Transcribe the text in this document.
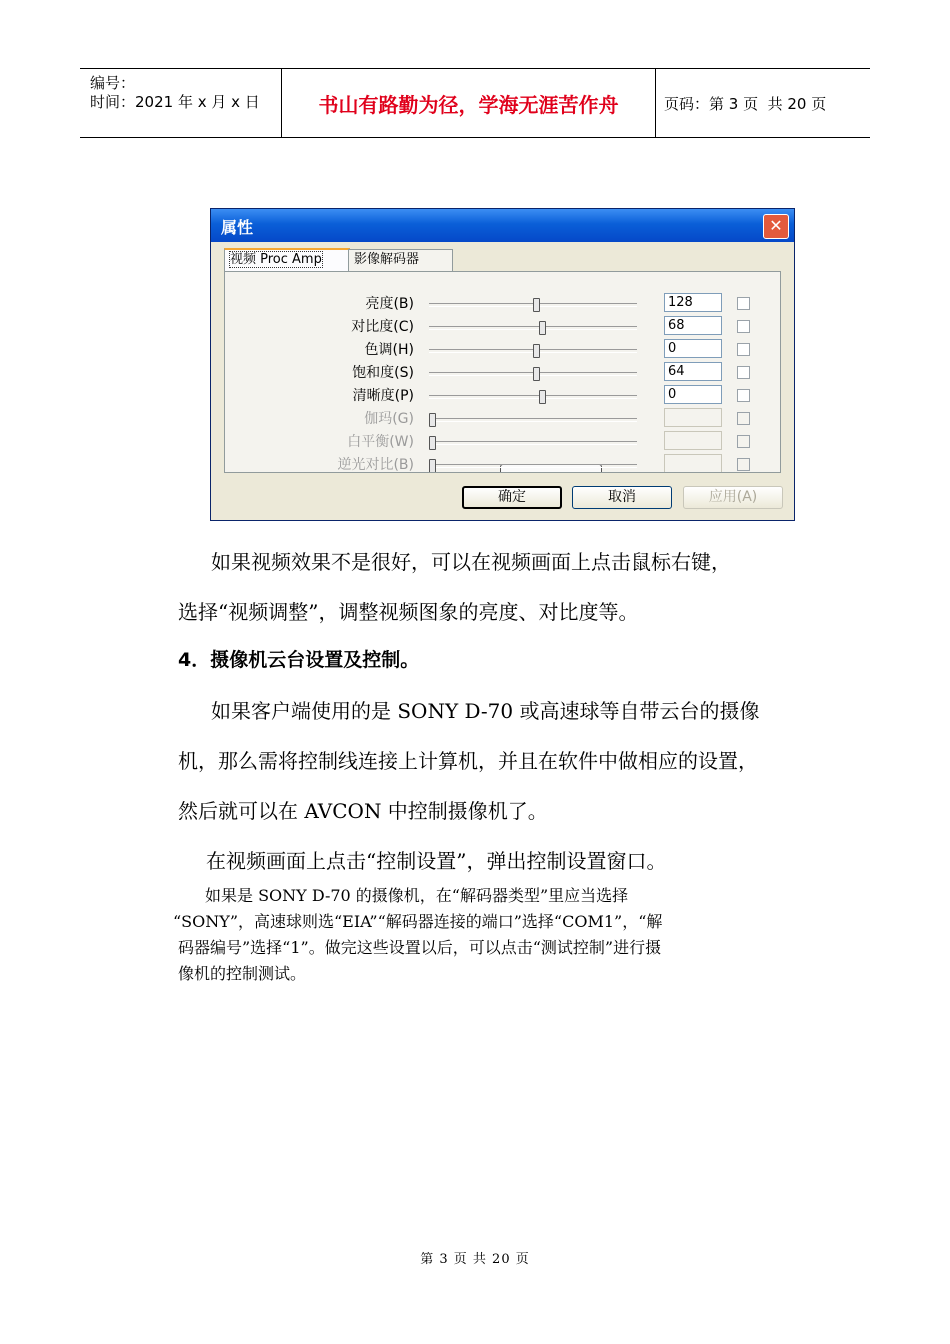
编号：
时间：2021 年 x 月 x 日	书山有路勤为径，学海无涯苦作舟	页码：第 3 页  共 20 页
属性	✕
视频 Proc Amp	影像解码器
亮度(B)	128
对比度(C)	68
色调(H)	0
饱和度(S)	64
清晰度(P)	0
伽玛(G)
白平衡(W)
逆光对比(B)
确定	取消	应用(A)
如果视频效果不是很好，可以在视频画面上点击鼠标右键，
选择“视频调整”，调整视频图象的亮度、对比度等。
4．摄像机云台设置及控制。
如果客户端使用的是 SONY D-70 或高速球等自带云台的摄像
机，那么需将控制线连接上计算机，并且在软件中做相应的设置，
然后就可以在 AVCON 中控制摄像机了。
在视频画面上点击“控制设置”，弹出控制设置窗口。
如果是 SONY D-70 的摄像机，在“解码器类型”里应当选择
“SONY”，高速球则选“EIA”“解码器连接的端口”选择“COM1”，“解
码器编号”选择“1”。做完这些设置以后，可以点击“测试控制”进行摄
像机的控制测试。
第 3 页 共 20 页
